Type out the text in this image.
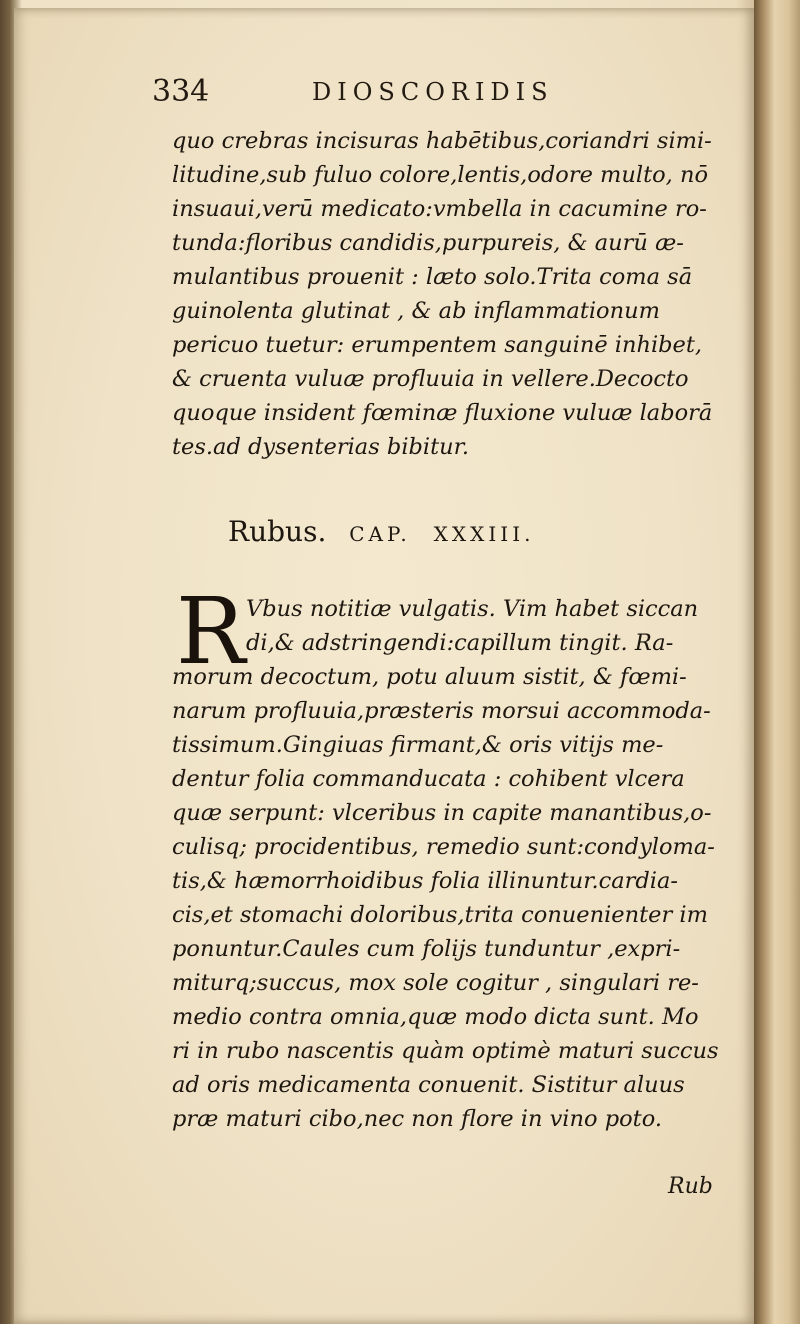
334	DIOSCORIDIS
quo crebras incisuras habētibus,coriandri simi-
litudine,sub fuluo colore,lentis,odore multo, nō
insuaui,verū medicato:vmbella in cacumine ro-
tunda:floribus candidis,purpureis, & aurū æ-
mulantibus prouenit : læto solo.Trita coma sā
guinolenta glutinat , & ab inflammationum
pericuo tuetur: erumpentem sanguinē inhibet,
& cruenta vuluæ profluuia in vellere.Decocto
quoque insident fœminæ fluxione vuluæ laborā
tes.ad dysenterias bibitur.
Rubus. CAP. XXXIII.
R Vbus notitiæ vulgatis. Vim habet siccan
di,& adstringendi:capillum tingit. Ra-
morum decoctum, potu aluum sistit, & fœmi-
narum profluuia,præsteris morsui accommoda-
tissimum.Gingiuas firmant,& oris vitijs me-
dentur folia commanducata : cohibent vlcera
quæ serpunt: vlceribus in capite manantibus,o-
culisq; procidentibus, remedio sunt:condyloma-
tis,& hæmorrhoidibus folia illinuntur.cardia-
cis,et stomachi doloribus,trita conuenienter im
ponuntur.Caules cum folijs tunduntur ,expri-
miturq;succus, mox sole cogitur , singulari re-
medio contra omnia,quæ modo dicta sunt. Mo
ri in rubo nascentis quàm optimè maturi succus
ad oris medicamenta conuenit. Sistitur aluus
præ maturi cibo,nec non flore in vino poto.
Rub
